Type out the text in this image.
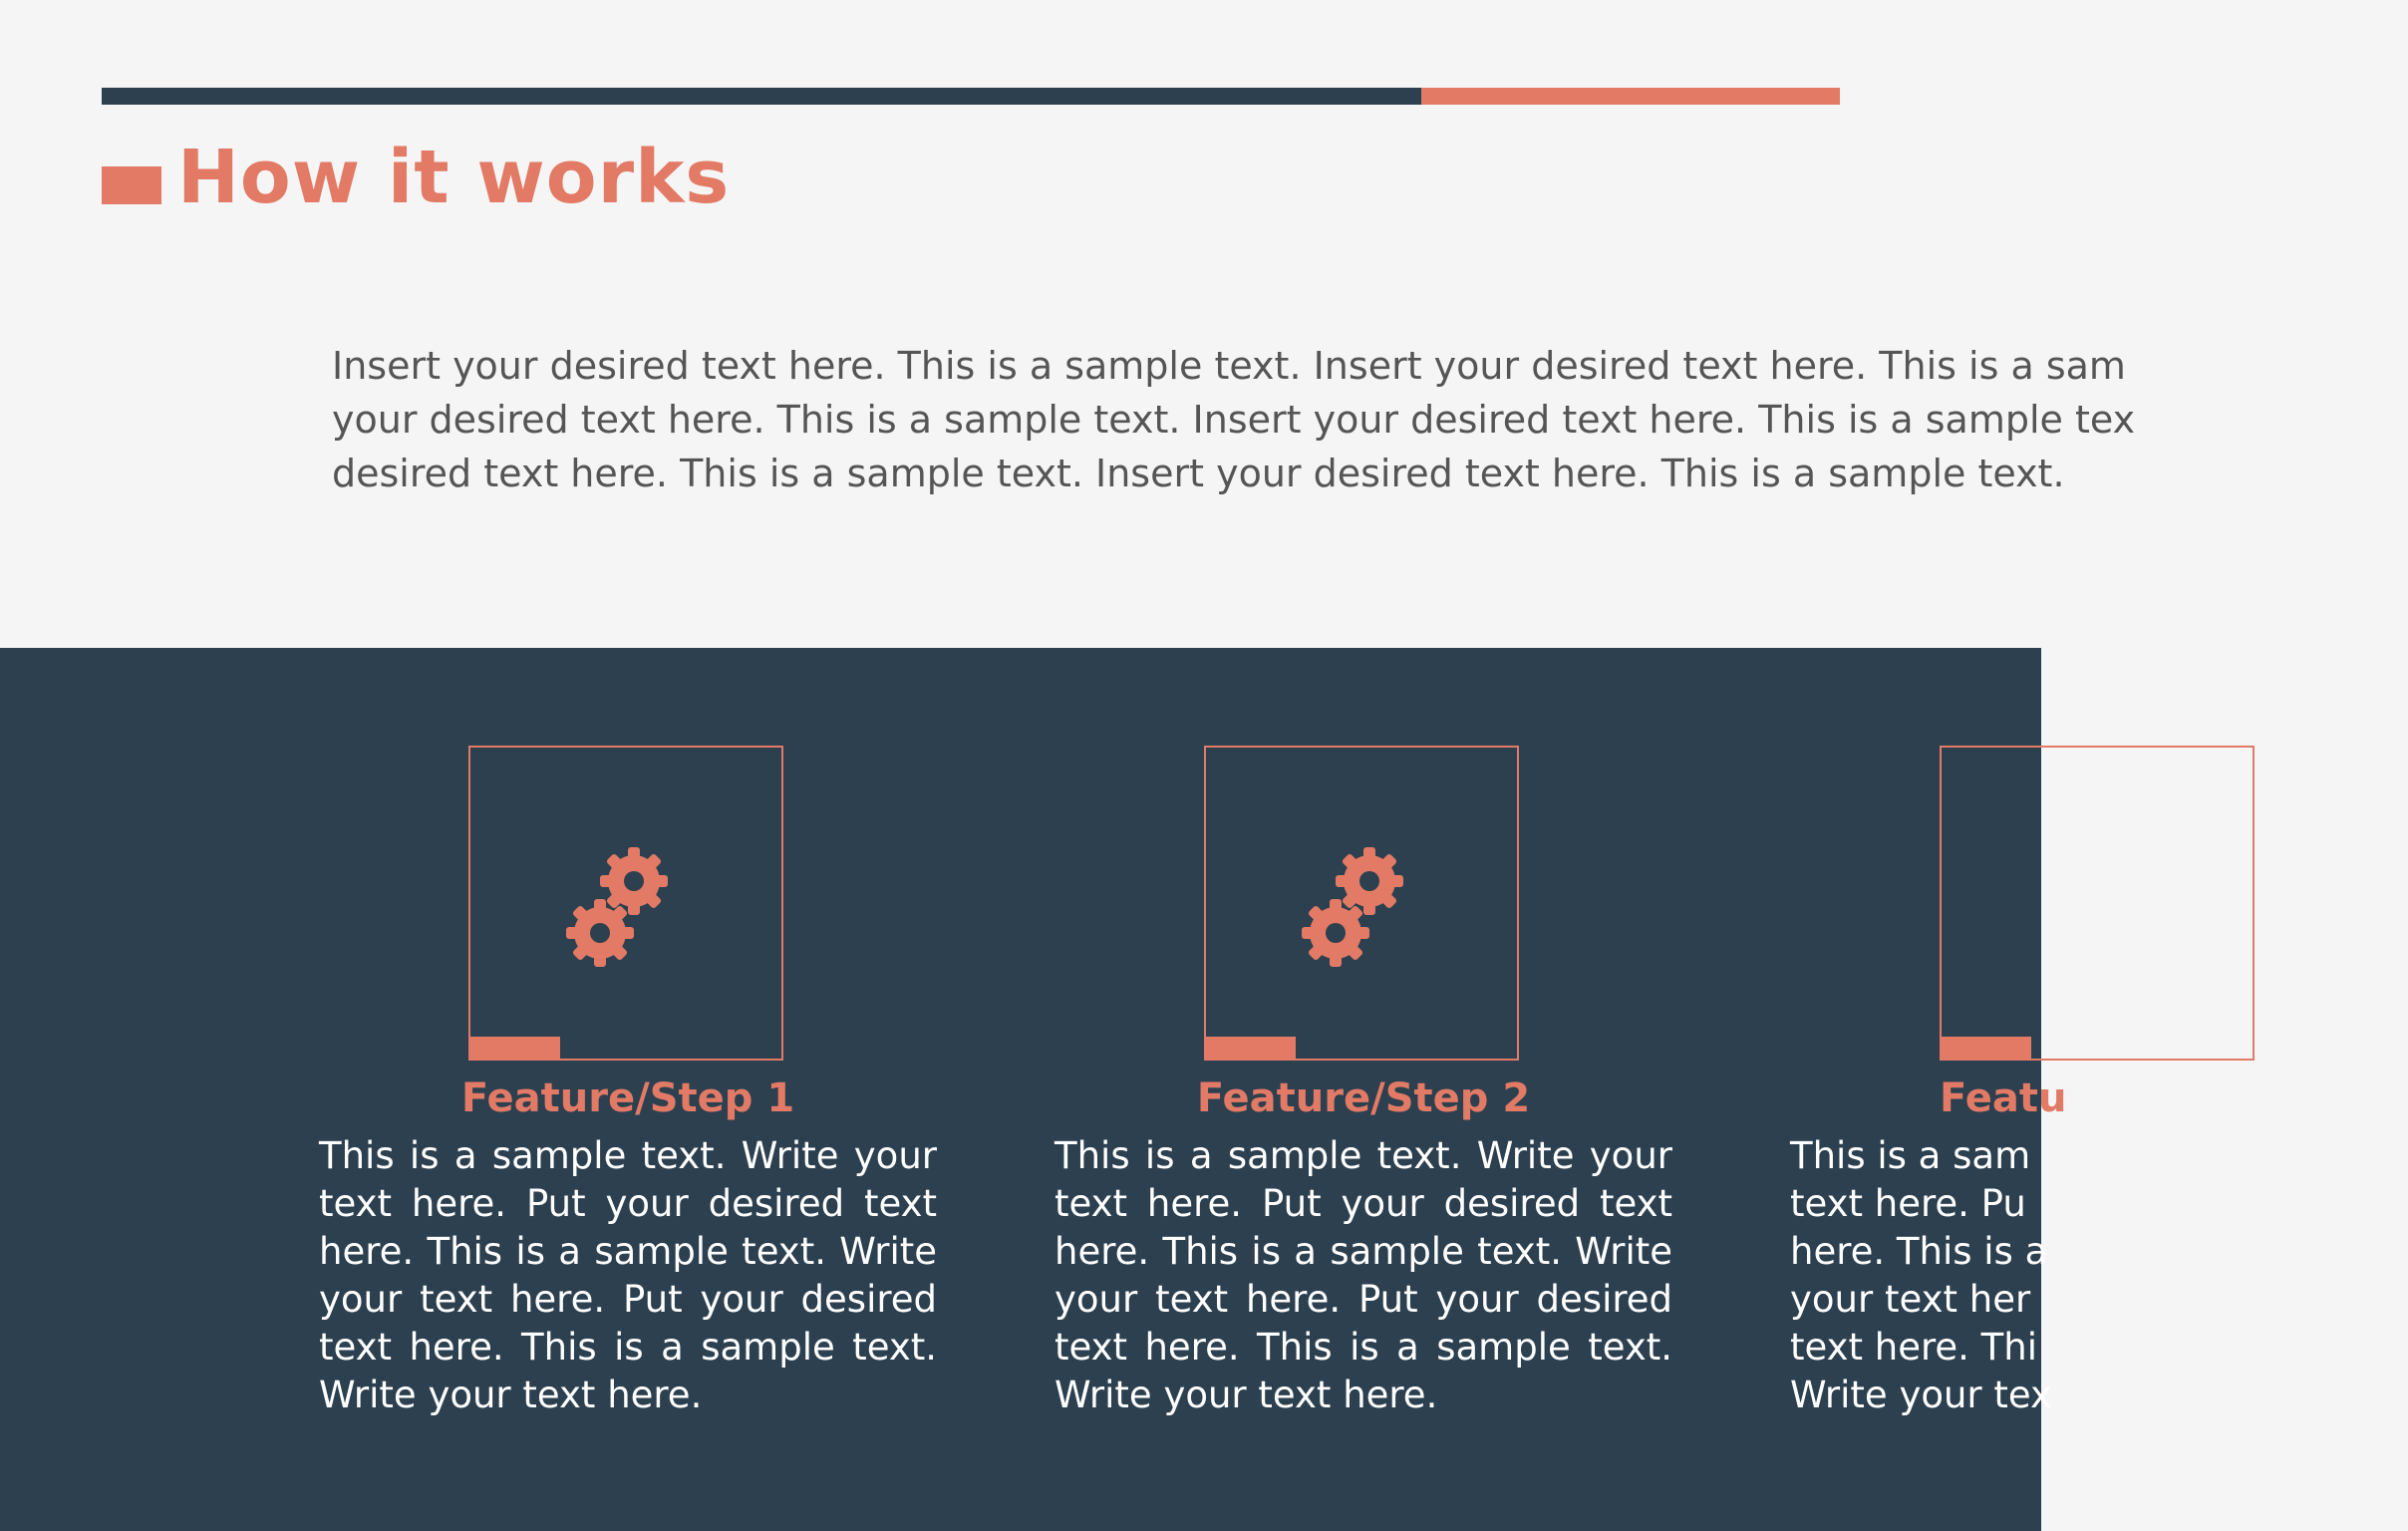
How it works
Insert your desired text here. This is a sample text. Insert your desired text here. This is a sam
your desired text here. This is a sample text. Insert your desired text here. This is a sample tex
desired text here. This is a sample text. Insert your desired text here. This is a sample text.
Feature/Step 1
This is a sample text. Write your
text here. Put your desired text
here. This is a sample text. Write
your text here. Put your desired
text here. This is a sample text.
Write your text here.
Feature/Step 2
This is a sample text. Write your
text here. Put your desired text
here. This is a sample text. Write
your text here. Put your desired
text here. This is a sample text.
Write your text here.
Featu
This is a sam
text here. Pu
here. This is a
your text her
text here. Thi
Write your tex
